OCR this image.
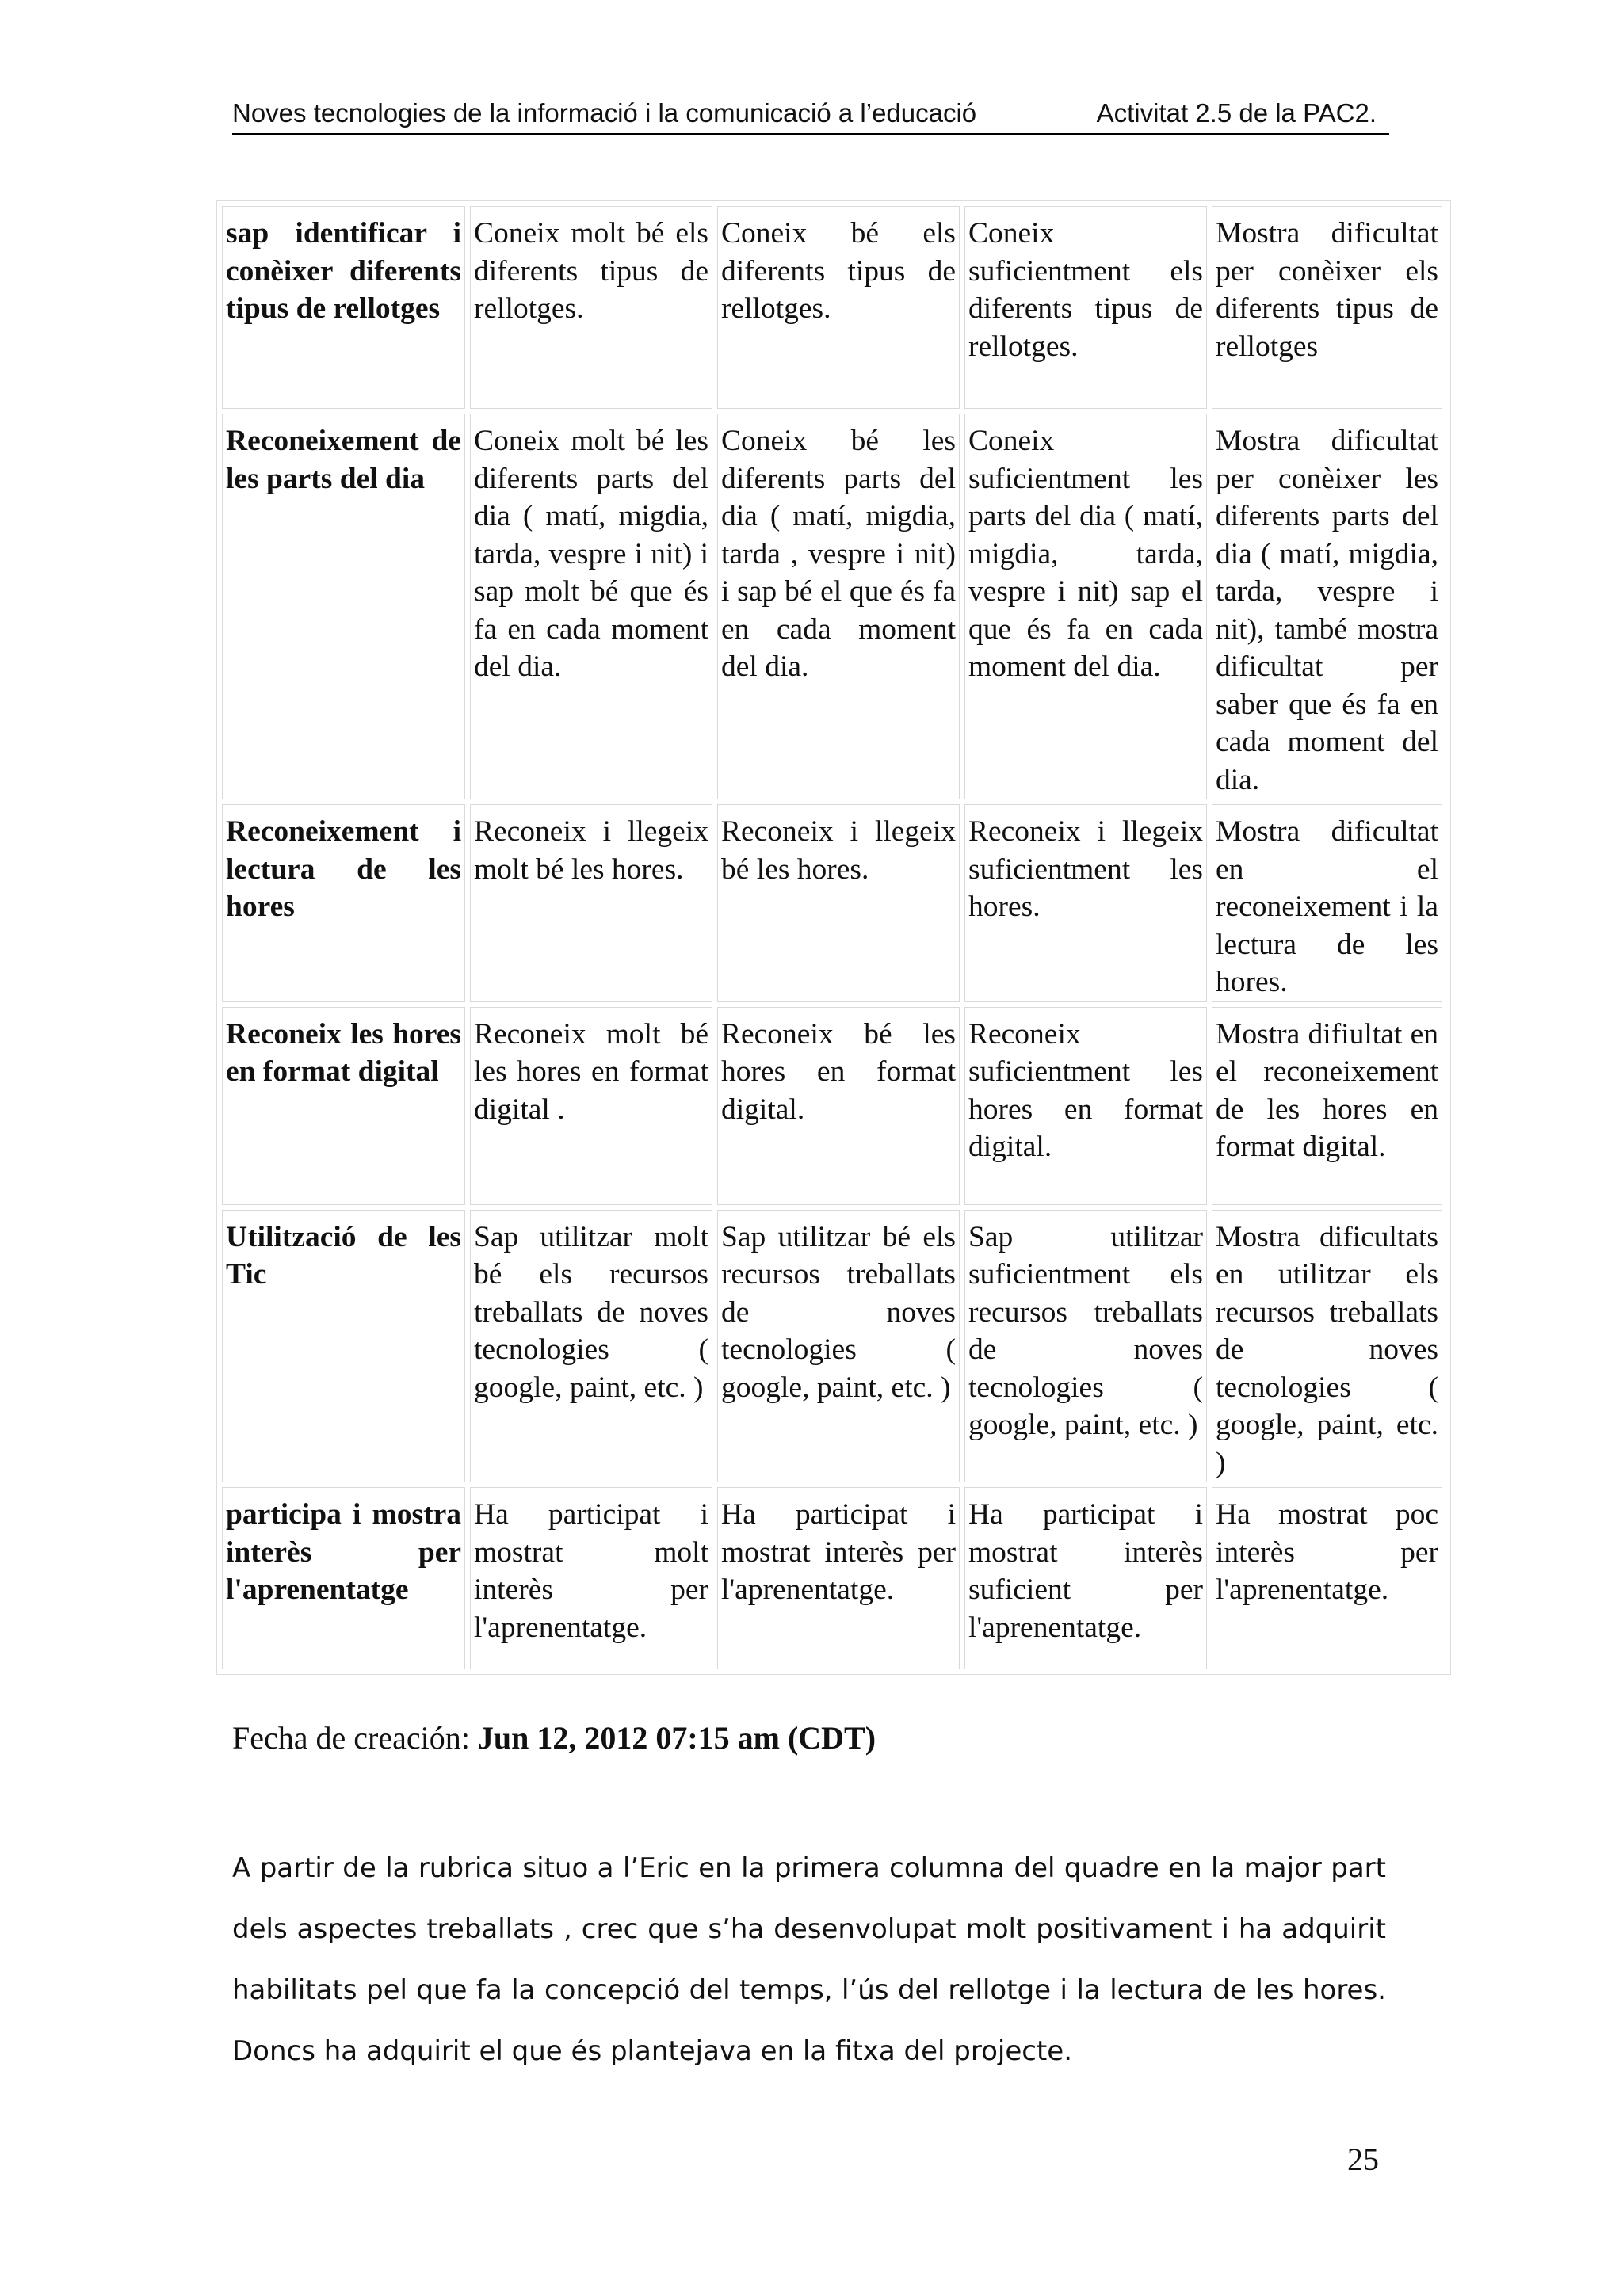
Noves tecnologies de la informació i la comunicació a l’educació	Activitat 2.5 de la PAC2.
sap identificar i conèixer diferents tipus de rellotges	Coneix molt bé els diferents tipus de rellotges.	Coneix bé els diferents tipus de rellotges.	Coneix suficientment els diferents tipus de rellotges.	Mostra dificultat per conèixer els diferents tipus de rellotges
Reconeixement de les parts del dia	Coneix molt bé les diferents parts del dia ( matí, migdia, tarda, vespre i nit) i sap molt bé que és fa en cada moment del dia.	Coneix bé les diferents parts del dia ( matí, migdia, tarda , vespre i nit) i sap bé el que és fa en cada moment del dia.	Coneix suficientment les parts del dia ( matí, migdia, tarda, vespre i nit) sap el que és fa en cada moment del dia.	Mostra dificultat per conèixer les diferents parts del dia ( matí, migdia, tarda, vespre i nit), també mostra dificultat per saber que és fa en cada moment del dia.
Reconeixement i lectura de les hores	Reconeix i llegeix molt bé les hores.	Reconeix i llegeix bé les hores.	Reconeix i llegeix suficientment les hores.	Mostra dificultat en el reconeixement i la lectura de les hores.
Reconeix les hores en format digital	Reconeix molt bé les hores en format digital .	Reconeix bé les hores en format digital.	Reconeix suficientment les hores en format digital.	Mostra difiultat en el reconeixement de les hores en format digital.
Utilització de les Tic	Sap utilitzar molt bé els recursos treballats de noves tecnologies ( google, paint, etc. )	Sap utilitzar bé els recursos treballats de noves tecnologies ( google, paint, etc. )	Sap utilitzar suficientment els recursos treballats de noves tecnologies ( google, paint, etc. )	Mostra dificultats en utilitzar els recursos treballats de noves tecnologies ( google, paint, etc. )
participa i mostra interès per l'aprenentatge	Ha participat i mostrat molt interès per l'aprenentatge.	Ha participat i mostrat interès per l'aprenentatge.	Ha participat i mostrat interès suficient per l'aprenentatge.	Ha mostrat poc interès per l'aprenentatge.
Fecha de creación: Jun 12, 2012 07:15 am (CDT)

A partir de la rubrica situo a l’Eric en la primera columna del quadre en la major part dels aspectes treballats , crec que s’ha desenvolupat molt positivament i ha adquirit habilitats pel que fa la concepció del temps, l’ús del rellotge i la lectura de les hores. Doncs ha adquirit el que és plantejava en la fitxa del projecte.

25
